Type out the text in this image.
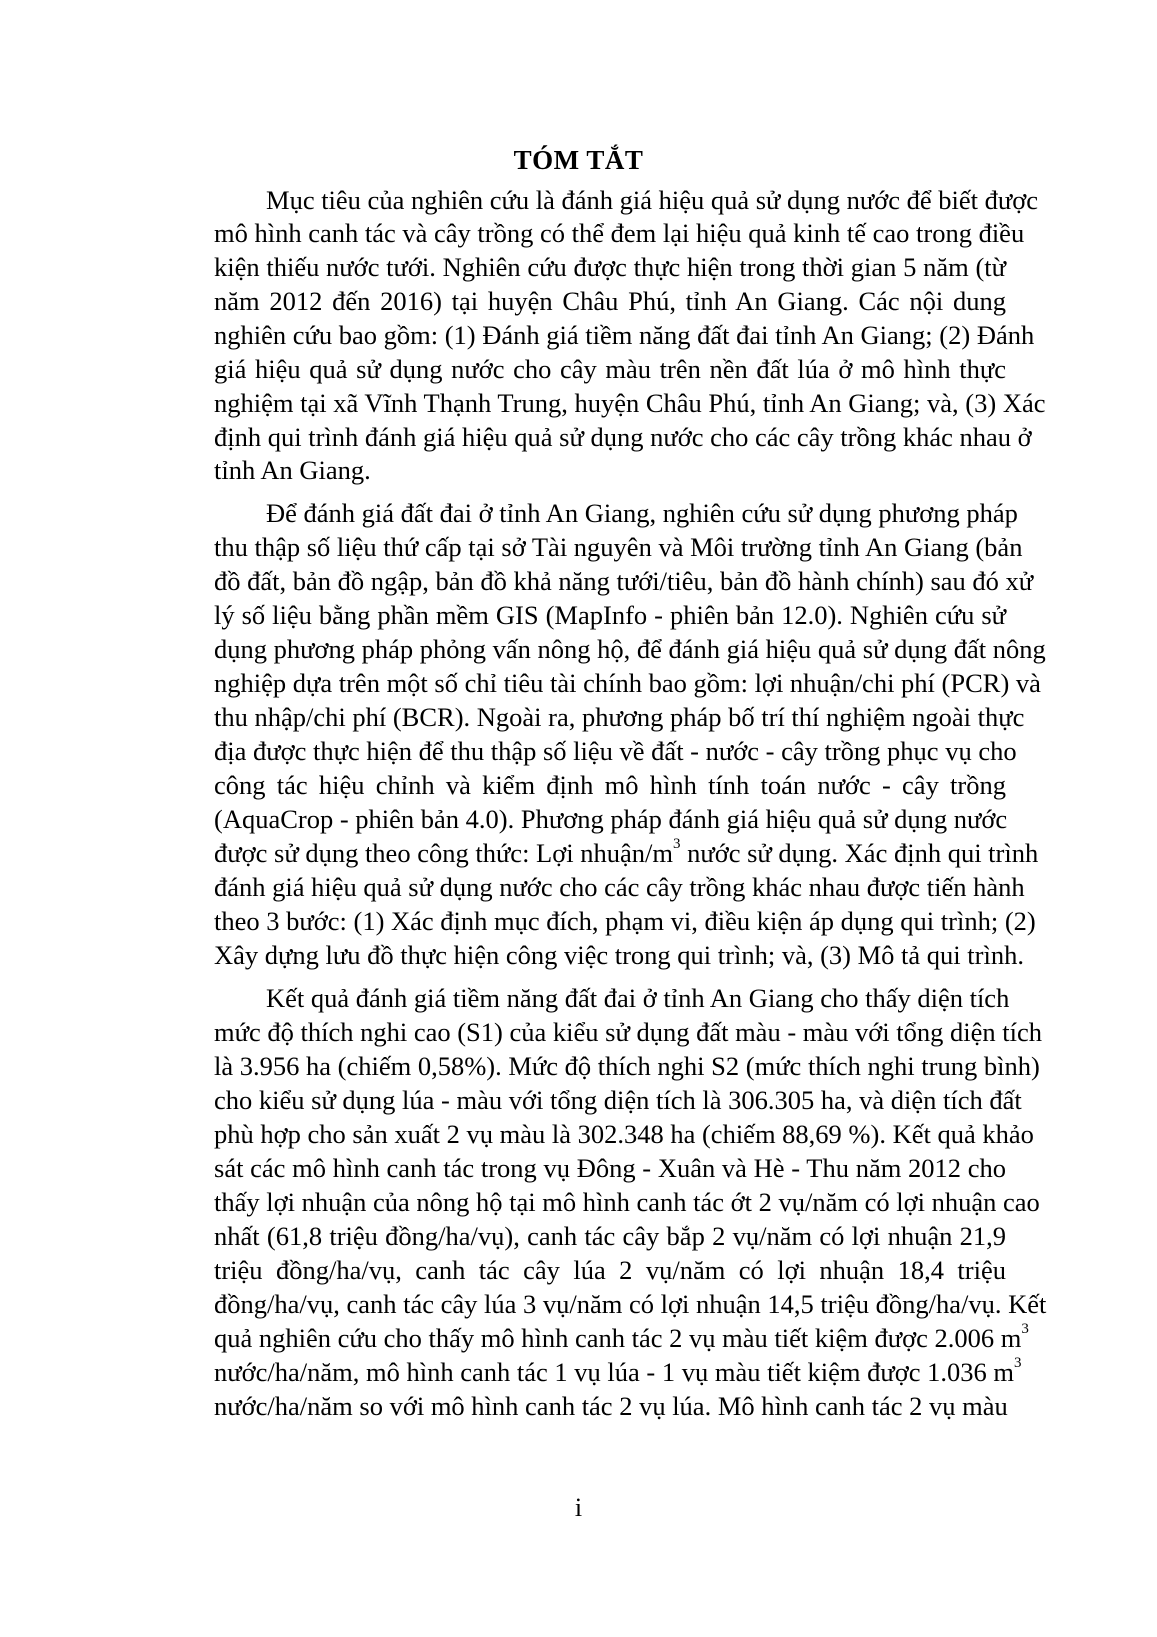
TÓM TẮT
Mục tiêu của nghiên cứu là đánh giá hiệu quả sử dụng nước để biết được
mô hình canh tác và cây trồng có thể đem lại hiệu quả kinh tế cao trong điều
kiện thiếu nước tưới. Nghiên cứu được thực hiện trong thời gian 5 năm (từ
năm 2012 đến 2016) tại huyện Châu Phú, tỉnh An Giang. Các nội dung
nghiên cứu bao gồm: (1) Đánh giá tiềm năng đất đai tỉnh An Giang; (2) Đánh
giá hiệu quả sử dụng nước cho cây màu trên nền đất lúa ở mô hình thực
nghiệm tại xã Vĩnh Thạnh Trung, huyện Châu Phú, tỉnh An Giang; và, (3) Xác
định qui trình đánh giá hiệu quả sử dụng nước cho các cây trồng khác nhau ở
tỉnh An Giang.
Để đánh giá đất đai ở tỉnh An Giang, nghiên cứu sử dụng phương pháp
thu thập số liệu thứ cấp tại sở Tài nguyên và Môi trường tỉnh An Giang (bản
đồ đất, bản đồ ngập, bản đồ khả năng tưới/tiêu, bản đồ hành chính) sau đó xử
lý số liệu bằng phần mềm GIS (MapInfo - phiên bản 12.0). Nghiên cứu sử
dụng phương pháp phỏng vấn nông hộ, để đánh giá hiệu quả sử dụng đất nông
nghiệp dựa trên một số chỉ tiêu tài chính bao gồm: lợi nhuận/chi phí (PCR) và
thu nhập/chi phí (BCR). Ngoài ra, phương pháp bố trí thí nghiệm ngoài thực
địa được thực hiện để thu thập số liệu về đất - nước - cây trồng phục vụ cho
công tác hiệu chỉnh và kiểm định mô hình tính toán nước - cây trồng
(AquaCrop - phiên bản 4.0). Phương pháp đánh giá hiệu quả sử dụng nước
được sử dụng theo công thức: Lợi nhuận/$m^3$ nước sử dụng. Xác định qui trình
đánh giá hiệu quả sử dụng nước cho các cây trồng khác nhau được tiến hành
theo 3 bước: (1) Xác định mục đích, phạm vi, điều kiện áp dụng qui trình; (2)
Xây dựng lưu đồ thực hiện công việc trong qui trình; và, (3) Mô tả qui trình.
Kết quả đánh giá tiềm năng đất đai ở tỉnh An Giang cho thấy diện tích
mức độ thích nghi cao (S1) của kiểu sử dụng đất màu - màu với tổng diện tích
là 3.956 ha (chiếm 0,58%). Mức độ thích nghi S2 (mức thích nghi trung bình)
cho kiểu sử dụng lúa - màu với tổng diện tích là 306.305 ha, và diện tích đất
phù hợp cho sản xuất 2 vụ màu là 302.348 ha (chiếm 88,69 %). Kết quả khảo
sát các mô hình canh tác trong vụ Đông - Xuân và Hè - Thu năm 2012 cho
thấy lợi nhuận của nông hộ tại mô hình canh tác ớt 2 vụ/năm có lợi nhuận cao
nhất (61,8 triệu đồng/ha/vụ), canh tác cây bắp 2 vụ/năm có lợi nhuận 21,9
triệu đồng/ha/vụ, canh tác cây lúa 2 vụ/năm có lợi nhuận 18,4 triệu
đồng/ha/vụ, canh tác cây lúa 3 vụ/năm có lợi nhuận 14,5 triệu đồng/ha/vụ. Kết
quả nghiên cứu cho thấy mô hình canh tác 2 vụ màu tiết kiệm được 2.006 $m^3$
nước/ha/năm, mô hình canh tác 1 vụ lúa - 1 vụ màu tiết kiệm được 1.036 $m^3$
nước/ha/năm so với mô hình canh tác 2 vụ lúa. Mô hình canh tác 2 vụ màu
i
